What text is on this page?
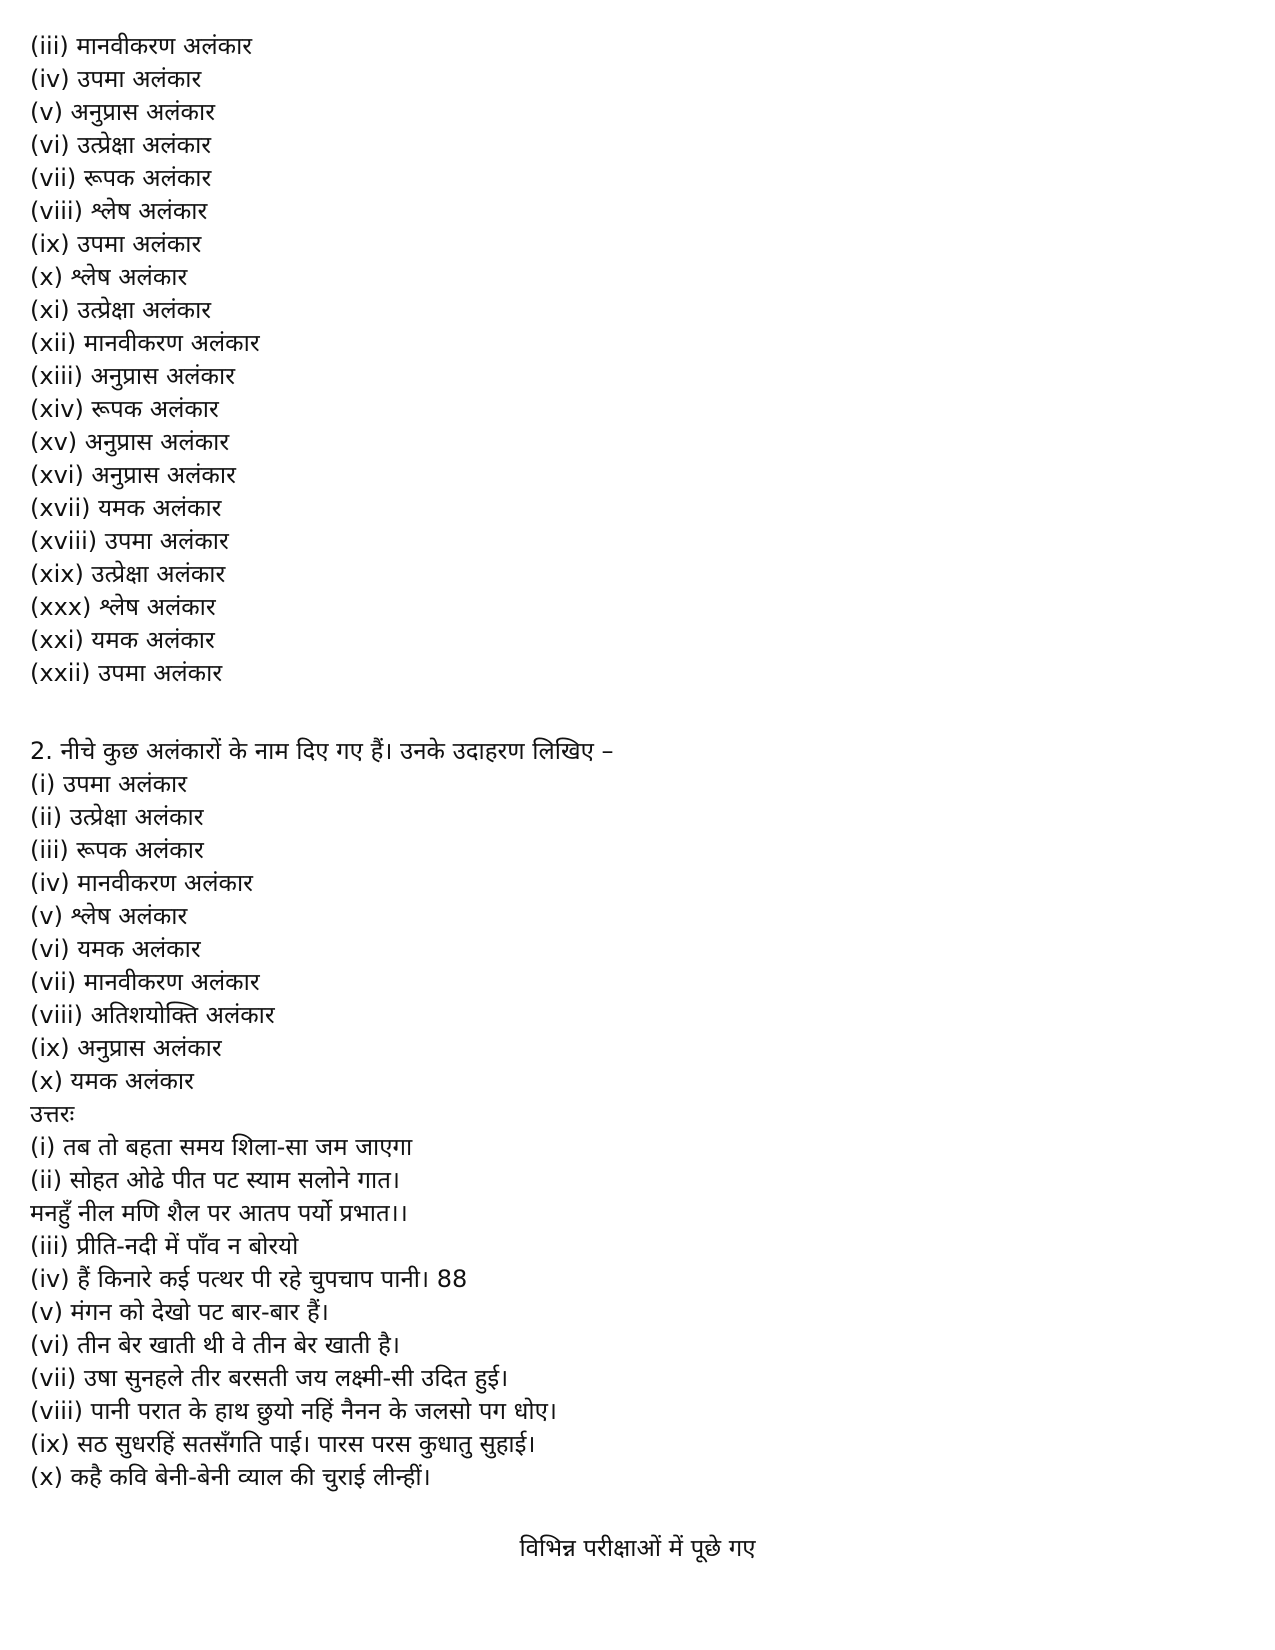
(iii) मानवीकरण अलंकार
(iv) उपमा अलंकार
(v) अनुप्रास अलंकार
(vi) उत्प्रेक्षा अलंकार
(vii) रूपक अलंकार
(viii) श्लेष अलंकार
(ix) उपमा अलंकार
(x) श्लेष अलंकार
(xi) उत्प्रेक्षा अलंकार
(xii) मानवीकरण अलंकार
(xiii) अनुप्रास अलंकार
(xiv) रूपक अलंकार
(xv) अनुप्रास अलंकार
(xvi) अनुप्रास अलंकार
(xvii) यमक अलंकार
(xviii) उपमा अलंकार
(xix) उत्प्रेक्षा अलंकार
(xxx) श्लेष अलंकार
(xxi) यमक अलंकार
(xxii) उपमा अलंकार
2. नीचे कुछ अलंकारों के नाम दिए गए हैं। उनके उदाहरण लिखिए –
(i) उपमा अलंकार
(ii) उत्प्रेक्षा अलंकार
(iii) रूपक अलंकार
(iv) मानवीकरण अलंकार
(v) श्लेष अलंकार
(vi) यमक अलंकार
(vii) मानवीकरण अलंकार
(viii) अतिशयोक्ति अलंकार
(ix) अनुप्रास अलंकार
(x) यमक अलंकार
उत्तरः
(i) तब तो बहता समय शिला-सा जम जाएगा
(ii) सोहत ओढे पीत पट स्याम सलोने गात।
मनहुँ नील मणि शैल पर आतप पर्यो प्रभात।।
(iii) प्रीति-नदी में पाँव न बोरयो
(iv) हैं किनारे कई पत्थर पी रहे चुपचाप पानी। 88
(v) मंगन को देखो पट बार-बार हैं।
(vi) तीन बेर खाती थी वे तीन बेर खाती है।
(vii) उषा सुनहले तीर बरसती जय लक्ष्मी-सी उदित हुई।
(viii) पानी परात के हाथ छुयो नहिं नैनन के जलसो पग धोए।
(ix) सठ सुधरहिं सतसँगति पाई। पारस परस कुधातु सुहाई।
(x) कहै कवि बेनी-बेनी व्याल की चुराई लीन्हीं।
विभिन्न परीक्षाओं में पूछे गए
